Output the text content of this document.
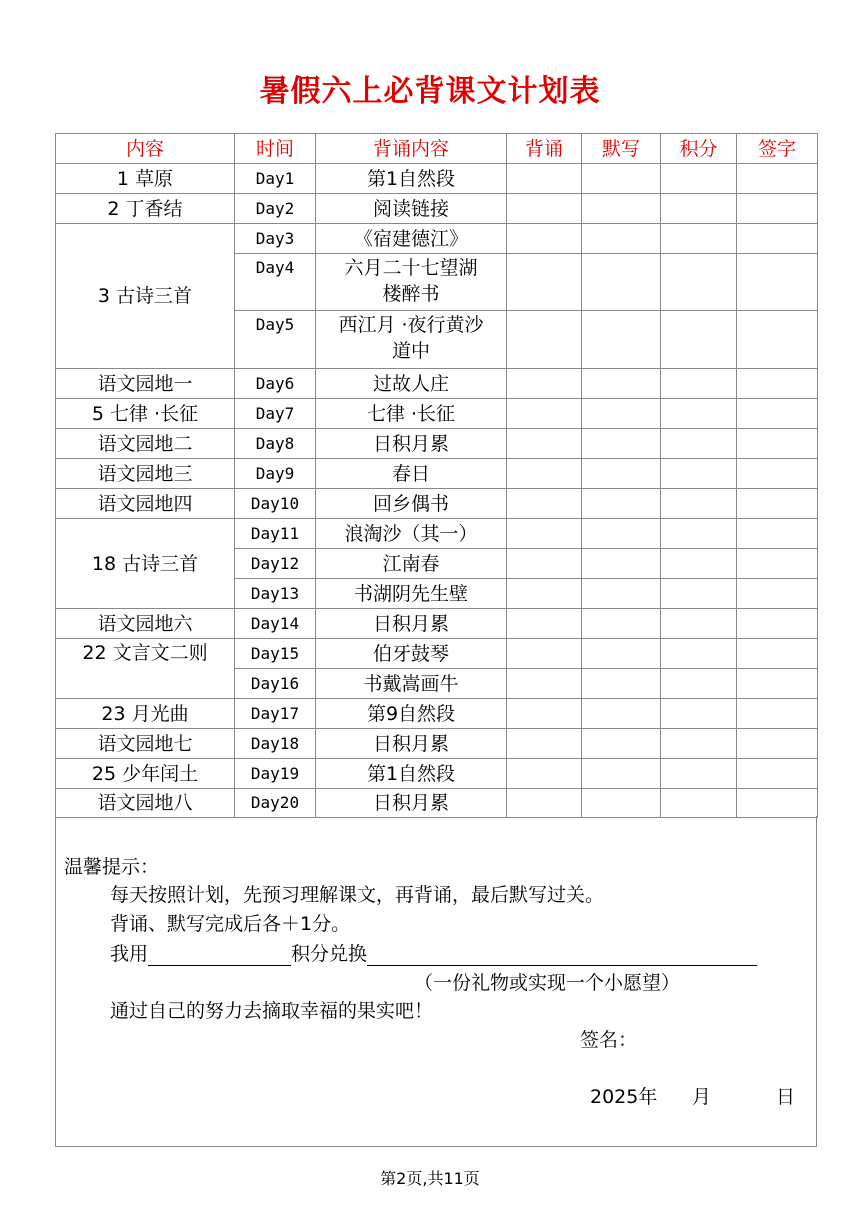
暑假六上必背课文计划表
内容	时间	背诵内容	背诵	默写	积分	签字
1 草原	Day1	第1自然段				
2 丁香结	Day2	阅读链接				
3 古诗三首	Day3	《宿建德江》				
	Day4	六月二十七望湖楼醉书				
	Day5	西江月 ·夜行黄沙道中				
语文园地一	Day6	过故人庄				
5 七律 ·长征	Day7	七律 ·长征				
语文园地二	Day8	日积月累				
语文园地三	Day9	春日				
语文园地四	Day10	回乡偶书				
18 古诗三首	Day11	浪淘沙（其一）				
	Day12	江南春				
	Day13	书湖阴先生壁				
语文园地六	Day14	日积月累				
22 文言文二则	Day15	伯牙鼓琴				
	Day16	书戴嵩画牛				
23 月光曲	Day17	第9自然段				
语文园地七	Day18	日积月累				
25 少年闰土	Day19	第1自然段				
语文园地八	Day20	日积月累				
温馨提示：
每天按照计划，先预习理解课文，再背诵，最后默写过关。
背诵、默写完成后各＋1分。
我用	积分兑换
（一份礼物或实现一个小愿望）
通过自己的努力去摘取幸福的果实吧！
签名：
2025年 月	日
第2页,共11页
